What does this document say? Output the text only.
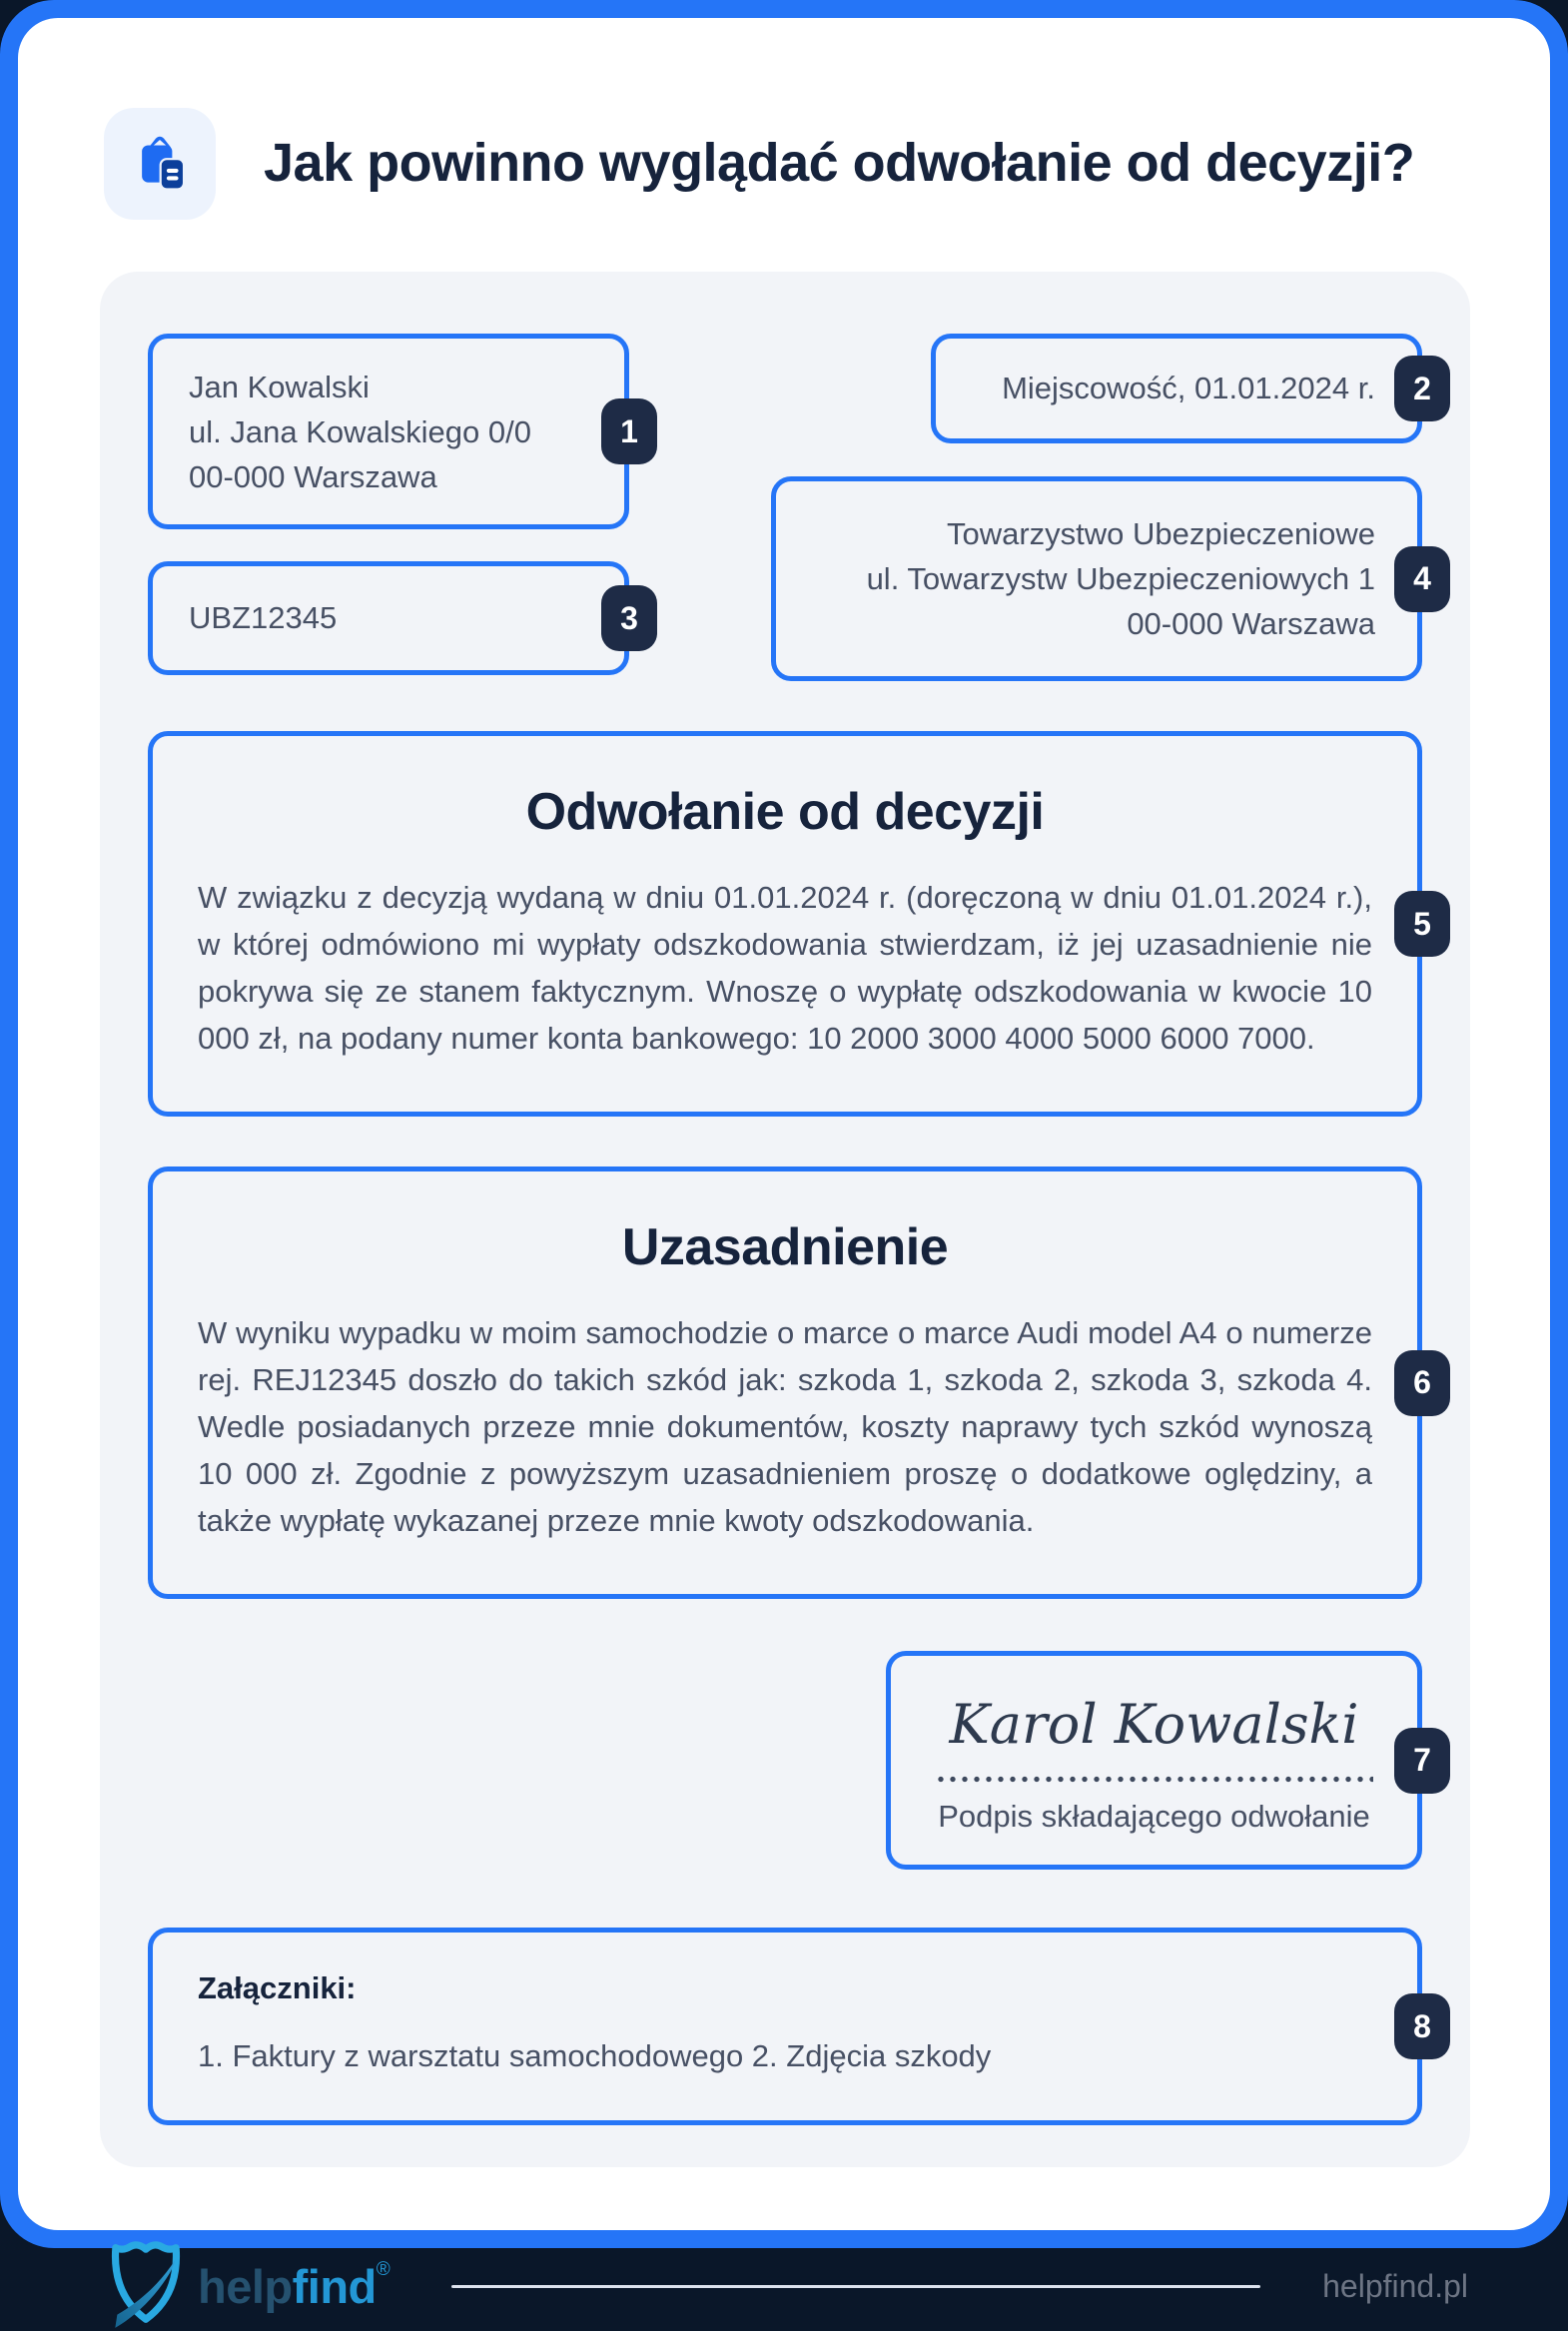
Jak powinno wyglądać odwołanie od decyzji?
Jan Kowalski
ul. Jana Kowalskiego 0/0
00-000 Warszawa
1
UBZ12345	3
Miejscowość, 01.01.2024 r.	2
Towarzystwo Ubezpieczeniowe
ul. Towarzystw Ubezpieczeniowych 1
00-000 Warszawa
4
Odwołanie od decyzji

W związku z decyzją wydaną w dniu 01.01.2024 r. (doręczoną w dniu 01.01.2024 r.), w której odmówiono mi wypłaty odszkodowania stwierdzam, iż jej uzasadnienie nie pokrywa się ze stanem faktycznym. Wnoszę o wypłatę odszkodowania w kwocie 10 000 zł, na podany numer konta bankowego: 10 2000 3000 4000 5000 6000 7000.

5
Uzasadnienie

W wyniku wypadku w moim samochodzie o marce o marce Audi model A4 o numerze rej. REJ12345 doszło do takich szkód jak: szkoda 1, szkoda 2, szkoda 3, szkoda 4. Wedle posiadanych przeze mnie dokumentów, koszty naprawy tych szkód wynoszą 10 000 zł. Zgodnie z powyższym uzasadnieniem proszę o dodatkowe oględziny, a także wypłatę wykazanej przeze mnie kwoty odszkodowania.

6
Karol Kowalski
Podpis składającego odwołanie
7
Załączniki:
1. Faktury z warsztatu samochodowego 2. Zdjęcia szkody
8
helpfind®	helpfind.pl
